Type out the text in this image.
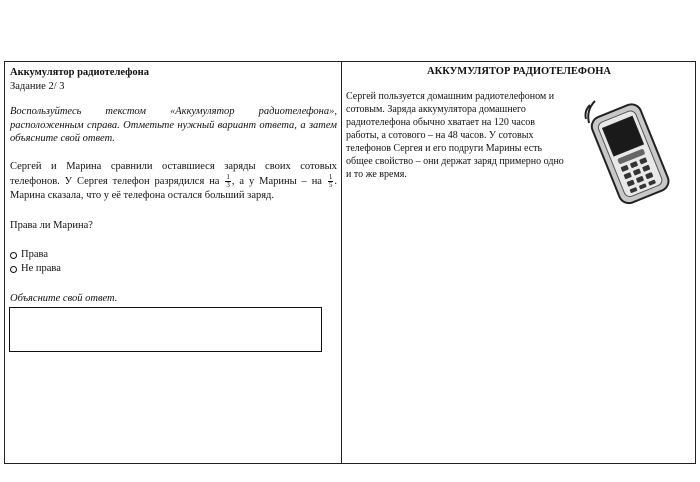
Аккумулятор радиотелефона
Задание 2/ 3
Воспользуйтесь текстом «Аккумулятор радиотелефона», расположенным справа. Отметьте нужный вариант ответа, а затем объясните свой ответ.
Сергей и Марина сравнили оставшиеся заряды своих сотовых телефонов. У Сергея телефон разрядился на $\frac{1}{3}$ , а у Марины – на $\frac{1}{5}$ . Марина сказала, что у её телефона остался больший заряд.
Права ли Марина?
Права
Не права
Объясните свой ответ.
АККУМУЛЯТОР РАДИОТЕЛЕФОНА
Сергей пользуется домашним радиотелефоном и сотовым. Заряда аккумулятора домашнего радиотелефона обычно хватает на 120 часов работы, а сотового – на 48 часов. У сотовых телефонов Сергея и его подруги Марины есть общее свойство – они держат заряд примерно одно и то же время.
